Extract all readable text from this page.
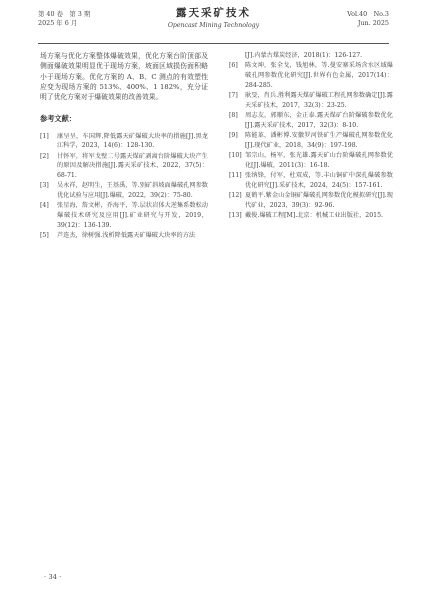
第 40 卷　第 3 期
2025 年 6 月
露天采矿技术
Opencast Mining Technology
Vol.40　No.3
Jun. 2025

场方案与优化方案整体爆破效果，优化方案台阶顶部及侧面爆破效果明显优于现场方案，坡面区域损伤面积略小于现场方案。优化方案的 A、B、C 测点的有效塑性应变为现场方案的 513%、400%、1 182%，充分证明了优化方案对于爆破效果的改善效果。

参考文献：
[1]	康呈呈，车国辉.降低露天矿爆破大块率的措施[J].黑龙江科学，2023，14(6)：128-130.
[2]	甘怀军，将军戈壁二号露天煤矿剥离台阶爆破大块产生的原因及解决措施[J].露天采矿技术，2022，37(5)：68-71.
[3]	吴永祥，赵明生，王基禹，等.别矿斜坡面爆破孔网参数优化试验与应用[J].爆破，2022，39(2)：75-80.
[4]	张星海，詹文彬，乔海平，等.层状岩体大逆集系数松动爆破技术研究及应用[J].矿业研究与开发，2019，39(12)：136-139.
[5]	芦连杰，徐树强.浅析降低露天矿爆破大块率的方法
[J].内蒙古煤炭经济，2018(1)：126-127.
[6]	陈文坤，张全戈，钱旭林，等.曼安寨采场含水区域爆破孔网参数优化研究[J].世界有色金属，2017(14)：284-285.
[7]	耿旻，肖兵.胜利露天煤矿爆破工程孔网参数确定[J].露天采矿技术，2017，32(3)：23-25.
[8]	周志友，郭顺东，金正泰.露天煤矿台阶爆破参数优化[J].露天采矿技术，2017，32(3)：8-10.
[9]	陈能革，潘彬博.安徽罗河铁矿生产爆破孔网参数优化[J].现代矿业，2018，34(9)：197-198.
[10] 邹宗山，杨军，张光雄.露天矿山台阶爆破孔网参数优化[J].爆破，2011(3)：16-18.
[11] 张纳锋，付军，杜双成，等.丰山铜矿中深孔爆破参数优化研究[J].采矿技术，2024，24(5)：157-161.
[12] 夏鹤平.紫金山金铜矿爆破孔网参数优化模拟研究[J].现代矿业，2023，39(3)：92-96.
[13] 戴俊.爆破工程[M].北京：机械工业出版社，2015.
· 34 ·
